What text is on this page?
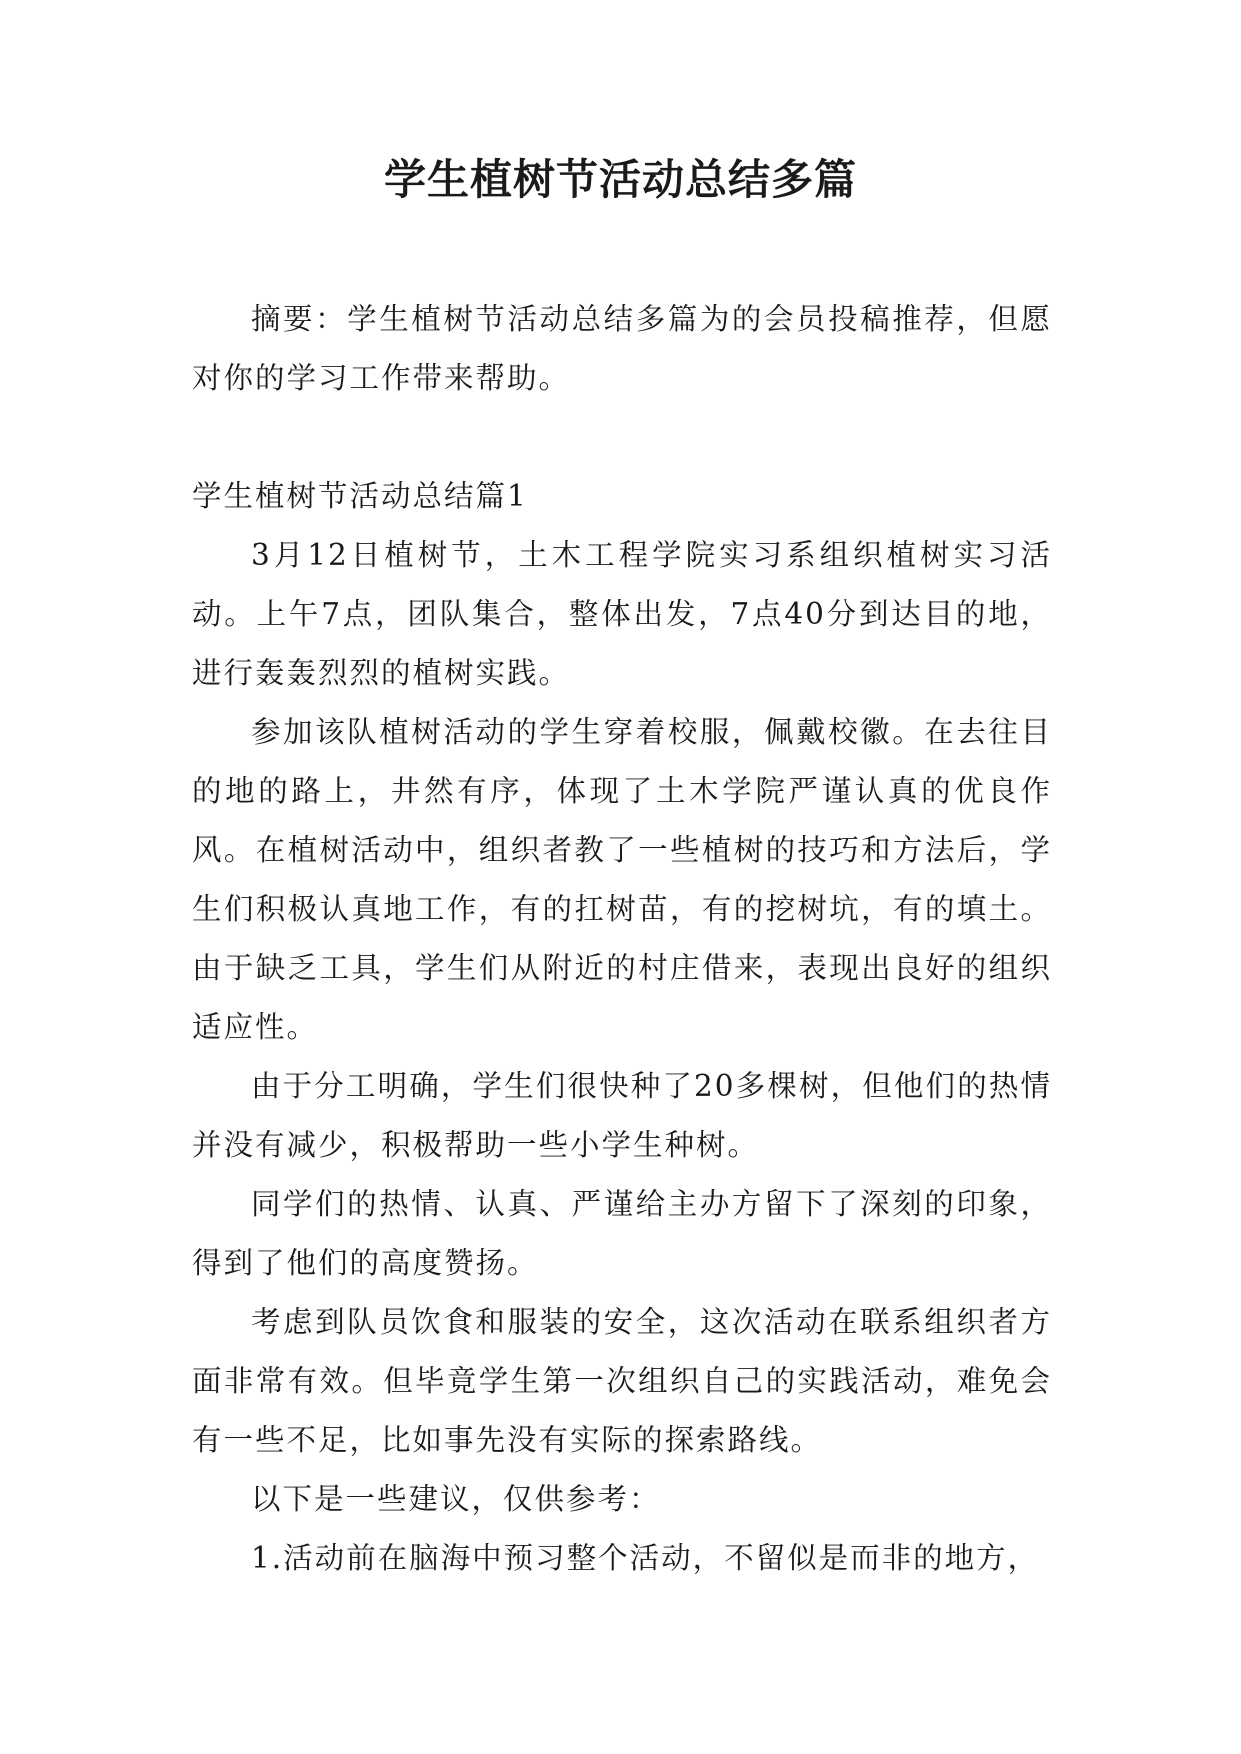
学生植树节活动总结多篇

摘要：学生植树节活动总结多篇为的会员投稿推荐，但愿对你的学习工作带来帮助。

学生植树节活动总结篇1

3月12日植树节，土木工程学院实习系组织植树实习活动。上午7点，团队集合，整体出发，7点40分到达目的地，进行轰轰烈烈的植树实践。

参加该队植树活动的学生穿着校服，佩戴校徽。在去往目的地的路上，井然有序，体现了土木学院严谨认真的优良作风。在植树活动中，组织者教了一些植树的技巧和方法后，学生们积极认真地工作，有的扛树苗，有的挖树坑，有的填土。由于缺乏工具，学生们从附近的村庄借来，表现出良好的组织适应性。

由于分工明确，学生们很快种了20多棵树，但他们的热情并没有减少，积极帮助一些小学生种树。

同学们的热情、认真、严谨给主办方留下了深刻的印象，得到了他们的高度赞扬。

考虑到队员饮食和服装的安全，这次活动在联系组织者方面非常有效。但毕竟学生第一次组织自己的实践活动，难免会有一些不足，比如事先没有实际的探索路线。

以下是一些建议，仅供参考：

1.活动前在脑海中预习整个活动，不留似是而非的地方，
